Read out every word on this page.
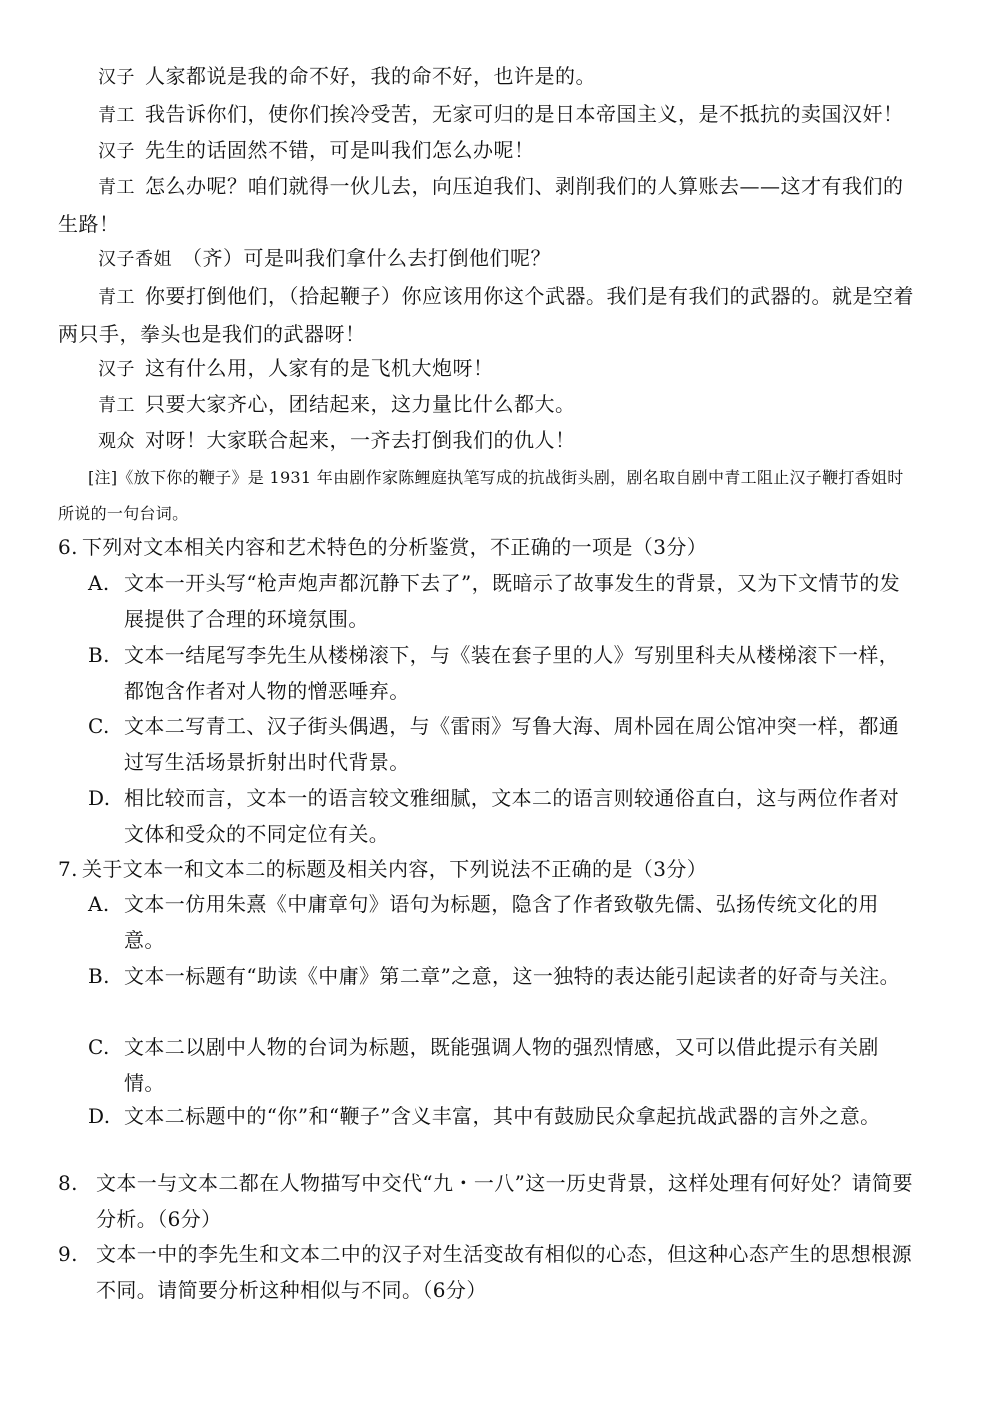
汉子 人家都说是我的命不好，我的命不好，也许是的。
青工 我告诉你们，使你们挨冷受苦，无家可归的是日本帝国主义，是不抵抗的卖国汉奸！
汉子 先生的话固然不错，可是叫我们怎么办呢！
青工 怎么办呢？咱们就得一伙儿去，向压迫我们、剥削我们的人算账去——这才有我们的生路！
汉子香姐 （齐）可是叫我们拿什么去打倒他们呢？
青工 你要打倒他们，（拾起鞭子）你应该用你这个武器。我们是有我们的武器的。就是空着两只手，拳头也是我们的武器呀！
汉子 这有什么用，人家有的是飞机大炮呀！
青工 只要大家齐心，团结起来，这力量比什么都大。
观众 对呀！大家联合起来，一齐去打倒我们的仇人！
[注]《放下你的鞭子》是 1931 年由剧作家陈鲤庭执笔写成的抗战街头剧，剧名取自剧中青工阻止汉子鞭打香姐时所说的一句台词。
6. 下列对文本相关内容和艺术特色的分析鉴赏，不正确的一项是（3分）
A. 文本一开头写“枪声炮声都沉静下去了”，既暗示了故事发生的背景，又为下文情节的发展提供了合理的环境氛围。
B. 文本一结尾写李先生从楼梯滚下，与《装在套子里的人》写别里科夫从楼梯滚下一样，都饱含作者对人物的憎恶唾弃。
C. 文本二写青工、汉子街头偶遇，与《雷雨》写鲁大海、周朴园在周公馆冲突一样，都通过写生活场景折射出时代背景。
D. 相比较而言，文本一的语言较文雅细腻，文本二的语言则较通俗直白，这与两位作者对文体和受众的不同定位有关。
7. 关于文本一和文本二的标题及相关内容，下列说法不正确的是（3分）
A. 文本一仿用朱熹《中庸章句》语句为标题，隐含了作者致敬先儒、弘扬传统文化的用意。
B. 文本一标题有“助读《中庸》第二章”之意，这一独特的表达能引起读者的好奇与关注。
C. 文本二以剧中人物的台词为标题，既能强调人物的强烈情感，又可以借此提示有关剧情。
D. 文本二标题中的“你”和“鞭子”含义丰富，其中有鼓励民众拿起抗战武器的言外之意。
8. 文本一与文本二都在人物描写中交代“九・一八”这一历史背景，这样处理有何好处？请简要分析。（6分）
9. 文本一中的李先生和文本二中的汉子对生活变故有相似的心态，但这种心态产生的思想根源不同。请简要分析这种相似与不同。（6分）
